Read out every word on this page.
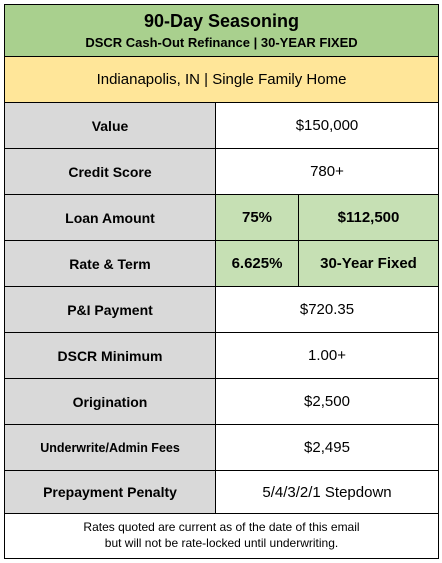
90-Day Seasoning
DSCR Cash-Out Refinance | 30-YEAR FIXED
Indianapolis, IN | Single Family Home
Value	$150,000
Credit Score	780+
Loan Amount	75%	$112,500
Rate & Term	6.625%	30-Year Fixed
P&I Payment	$720.35
DSCR Minimum	1.00+
Origination	$2,500
Underwrite/Admin Fees	$2,495
Prepayment Penalty	5/4/3/2/1 Stepdown
Rates quoted are current as of the date of this email
but will not be rate-locked until underwriting.
